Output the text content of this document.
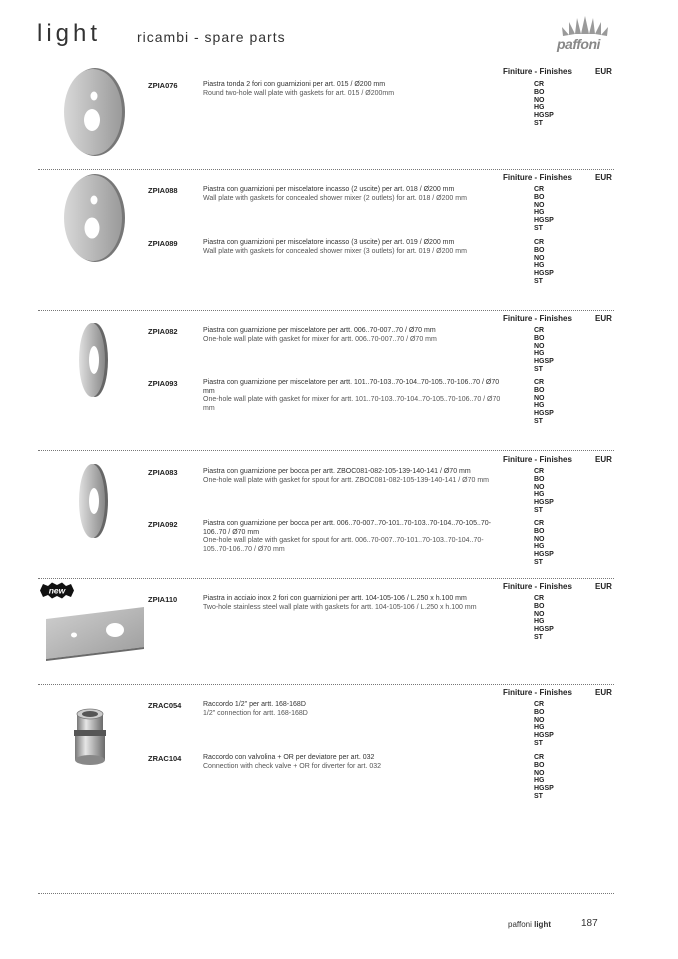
light	ricambi - spare parts	paffoni
Finiture - Finishes	EUR
ZPIA076	Piastra tonda 2 fori con guarnizioni per art. 015 / Ø200 mm
Round two-hole wall plate with gaskets for art. 015 / Ø200mm
CR
BO
NO
HG
HGSP
ST
Finiture - Finishes	EUR
ZPIA088	Piastra con guarnizioni per miscelatore incasso (2 uscite) per art. 018 / Ø200 mm
Wall plate with gaskets for concealed shower mixer (2 outlets) for art. 018 / Ø200 mm
CR
BO
NO
HG
HGSP
ST
ZPIA089	Piastra con guarnizioni per miscelatore incasso (3 uscite) per art. 019 / Ø200 mm
Wall plate with gaskets for concealed shower mixer (3 outlets) for art. 019 / Ø200 mm
CR
BO
NO
HG
HGSP
ST
Finiture - Finishes	EUR
ZPIA082	Piastra con guarnizione per miscelatore per artt. 006..70-007..70 / Ø70 mm
One-hole wall plate with gasket for mixer for artt. 006..70-007..70 / Ø70 mm
CR
BO
NO
HG
HGSP
ST
ZPIA093	Piastra con guarnizione per miscelatore per artt. 101..70-103..70-104..70-105..70-106..70 / Ø70 mm
One-hole wall plate with gasket for mixer for artt. 101..70-103..70-104..70-105..70-106..70 / Ø70 mm
CR
BO
NO
HG
HGSP
ST
Finiture - Finishes	EUR
ZPIA083	Piastra con guarnizione per bocca per artt. ZBOC081-082-105-139-140-141 / Ø70 mm
One-hole wall plate with gasket for spout for artt. ZBOC081-082-105-139-140-141 / Ø70 mm
CR
BO
NO
HG
HGSP
ST
ZPIA092	Piastra con guarnizione per bocca per artt. 006..70-007..70-101..70-103..70-104..70-105..70-106..70 / Ø70 mm
One-hole wall plate with gasket for spout for artt. 006..70-007..70-101..70-103..70-104..70-105..70-106..70 / Ø70 mm
CR
BO
NO
HG
HGSP
ST
new	Finiture - Finishes	EUR
ZPIA110	Piastra in acciaio inox 2 fori con guarnizioni per artt. 104-105-106 / L.250 x h.100 mm
Two-hole stainless steel wall plate with gaskets for artt. 104-105-106 / L.250 x h.100 mm
CR
BO
NO
HG
HGSP
ST
Finiture - Finishes	EUR
ZRAC054	Raccordo 1/2" per artt. 168-168D
1/2" connection for artt. 168-168D
CR
BO
NO
HG
HGSP
ST
ZRAC104	Raccordo con valvolina + OR per deviatore per art. 032
Connection with check valve + OR for diverter for art. 032
CR
BO
NO
HG
HGSP
ST
paffoni light	187
